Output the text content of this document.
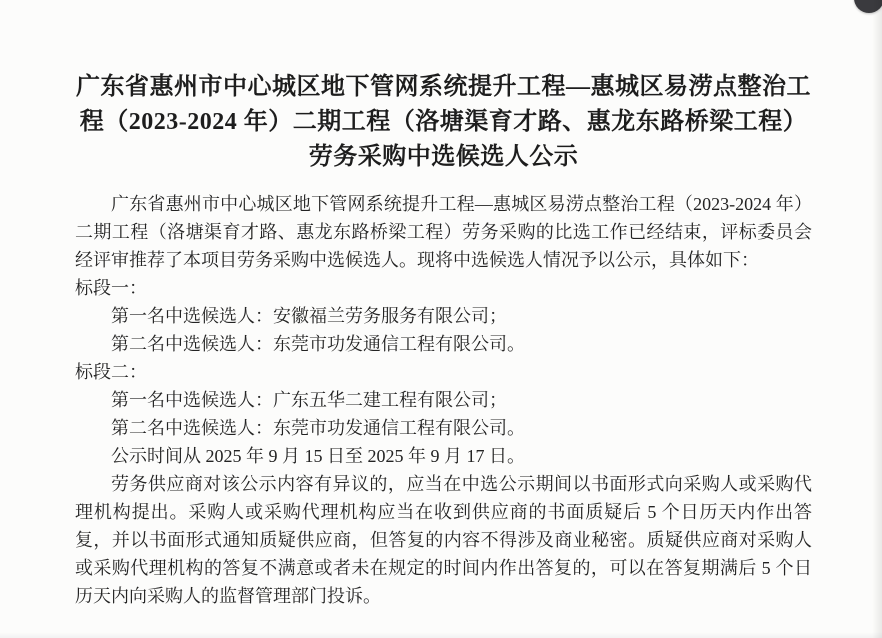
广东省惠州市中心城区地下管网系统提升工程—惠城区易涝点整治工
程（2023-2024 年）二期工程（洛塘渠育才路、惠龙东路桥梁工程）
劳务采购中选候选人公示

广东省惠州市中心城区地下管网系统提升工程—惠城区易涝点整治工程（2023-2024 年）二期工程（洛塘渠育才路、惠龙东路桥梁工程）劳务采购的比选工作已经结束，评标委员会经评审推荐了本项目劳务采购中选候选人。现将中选候选人情况予以公示，具体如下：

标段一：

第一名中选候选人：安徽福兰劳务服务有限公司；

第二名中选候选人：东莞市功发通信工程有限公司。

标段二：

第一名中选候选人：广东五华二建工程有限公司；

第二名中选候选人：东莞市功发通信工程有限公司。

公示时间从 2025 年 9 月 15 日至 2025 年 9 月 17 日。

劳务供应商对该公示内容有异议的，应当在中选公示期间以书面形式向采购人或采购代理机构提出。采购人或采购代理机构应当在收到供应商的书面质疑后 5 个日历天内作出答复，并以书面形式通知质疑供应商，但答复的内容不得涉及商业秘密。质疑供应商对采购人或采购代理机构的答复不满意或者未在规定的时间内作出答复的，可以在答复期满后 5 个日历天内向采购人的监督管理部门投诉。
